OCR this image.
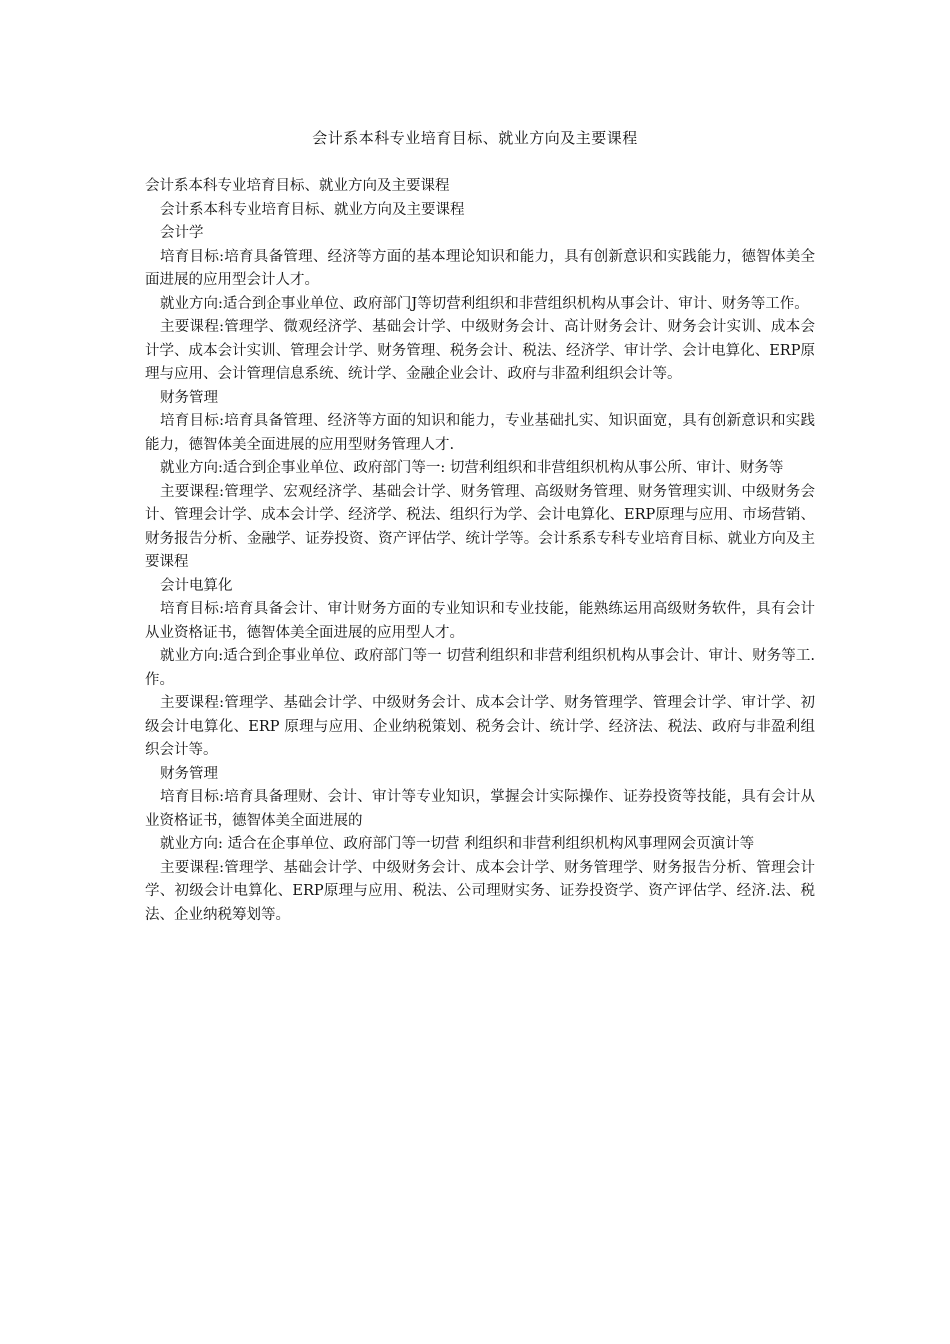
会计系本科专业培育目标、就业方向及主要课程

会计系本科专业培育目标、就业方向及主要课程

会计系本科专业培育目标、就业方向及主要课程

会计学

培育目标:培育具备管理、经济等方面的基本理论知识和能力，具有创新意识和实践能力，德智体美全面进展的应用型会计人才。

就业方向:适合到企事业单位、政府部门J等切营利组织和非营组织机构从事会计、审计、财务等工作。

主要课程:管理学、微观经济学、基础会计学、中级财务会计、高计财务会计、财务会计实训、成本会计学、成本会计实训、管理会计学、财务管理、税务会计、税法、经济学、审计学、会计电算化、ERP原理与应用、会计管理信息系统、统计学、金融企业会计、政府与非盈利组织会计等。

财务管理

培育目标:培育具备管理、经济等方面的知识和能力，专业基础扎实、知识面宽，具有创新意识和实践能力，德智体美全面进展的应用型财务管理人才.

就业方向:适合到企事业单位、政府部门等一: 切营利组织和非营组织机构从事公所、审计、财务等

主要课程:管理学、宏观经济学、基础会计学、财务管理、高级财务管理、财务管理实训、中级财务会计、管理会计学、成本会计学、经济学、税法、组织行为学、会计电算化、ERP原理与应用、市场营销、财务报告分析、金融学、证券投资、资产评估学、统计学等。会计系系专科专业培育目标、就业方向及主要课程

会计电算化

培育目标:培育具备会计、审计财务方面的专业知识和专业技能，能熟练运用高级财务软件，具有会计从业资格证书，德智体美全面进展的应用型人才。

就业方向:适合到企事业单位、政府部门等一 切营利组织和非营利组织机构从事会计、审计、财务等工.作。

主要课程:管理学、基础会计学、中级财务会计、成本会计学、财务管理学、管理会计学、审计学、初级会计电算化、ERP 原理与应用、企业纳税策划、税务会计、统计学、经济法、税法、政府与非盈利组织会计等。

财务管理

培育目标:培育具备理财、会计、审计等专业知识，掌握会计实际操作、证券投资等技能，具有会计从业资格证书，德智体美全面进展的

就业方向: 适合在企事单位、政府部门等一切营 利组织和非营利组织机构风事理网会页演计等

主要课程:管理学、基础会计学、中级财务会计、成本会计学、财务管理学、财务报告分析、管理会计学、初级会计电算化、ERP原理与应用、税法、公司理财实务、证券投资学、资产评估学、经济.法、税法、企业纳税筹划等。
